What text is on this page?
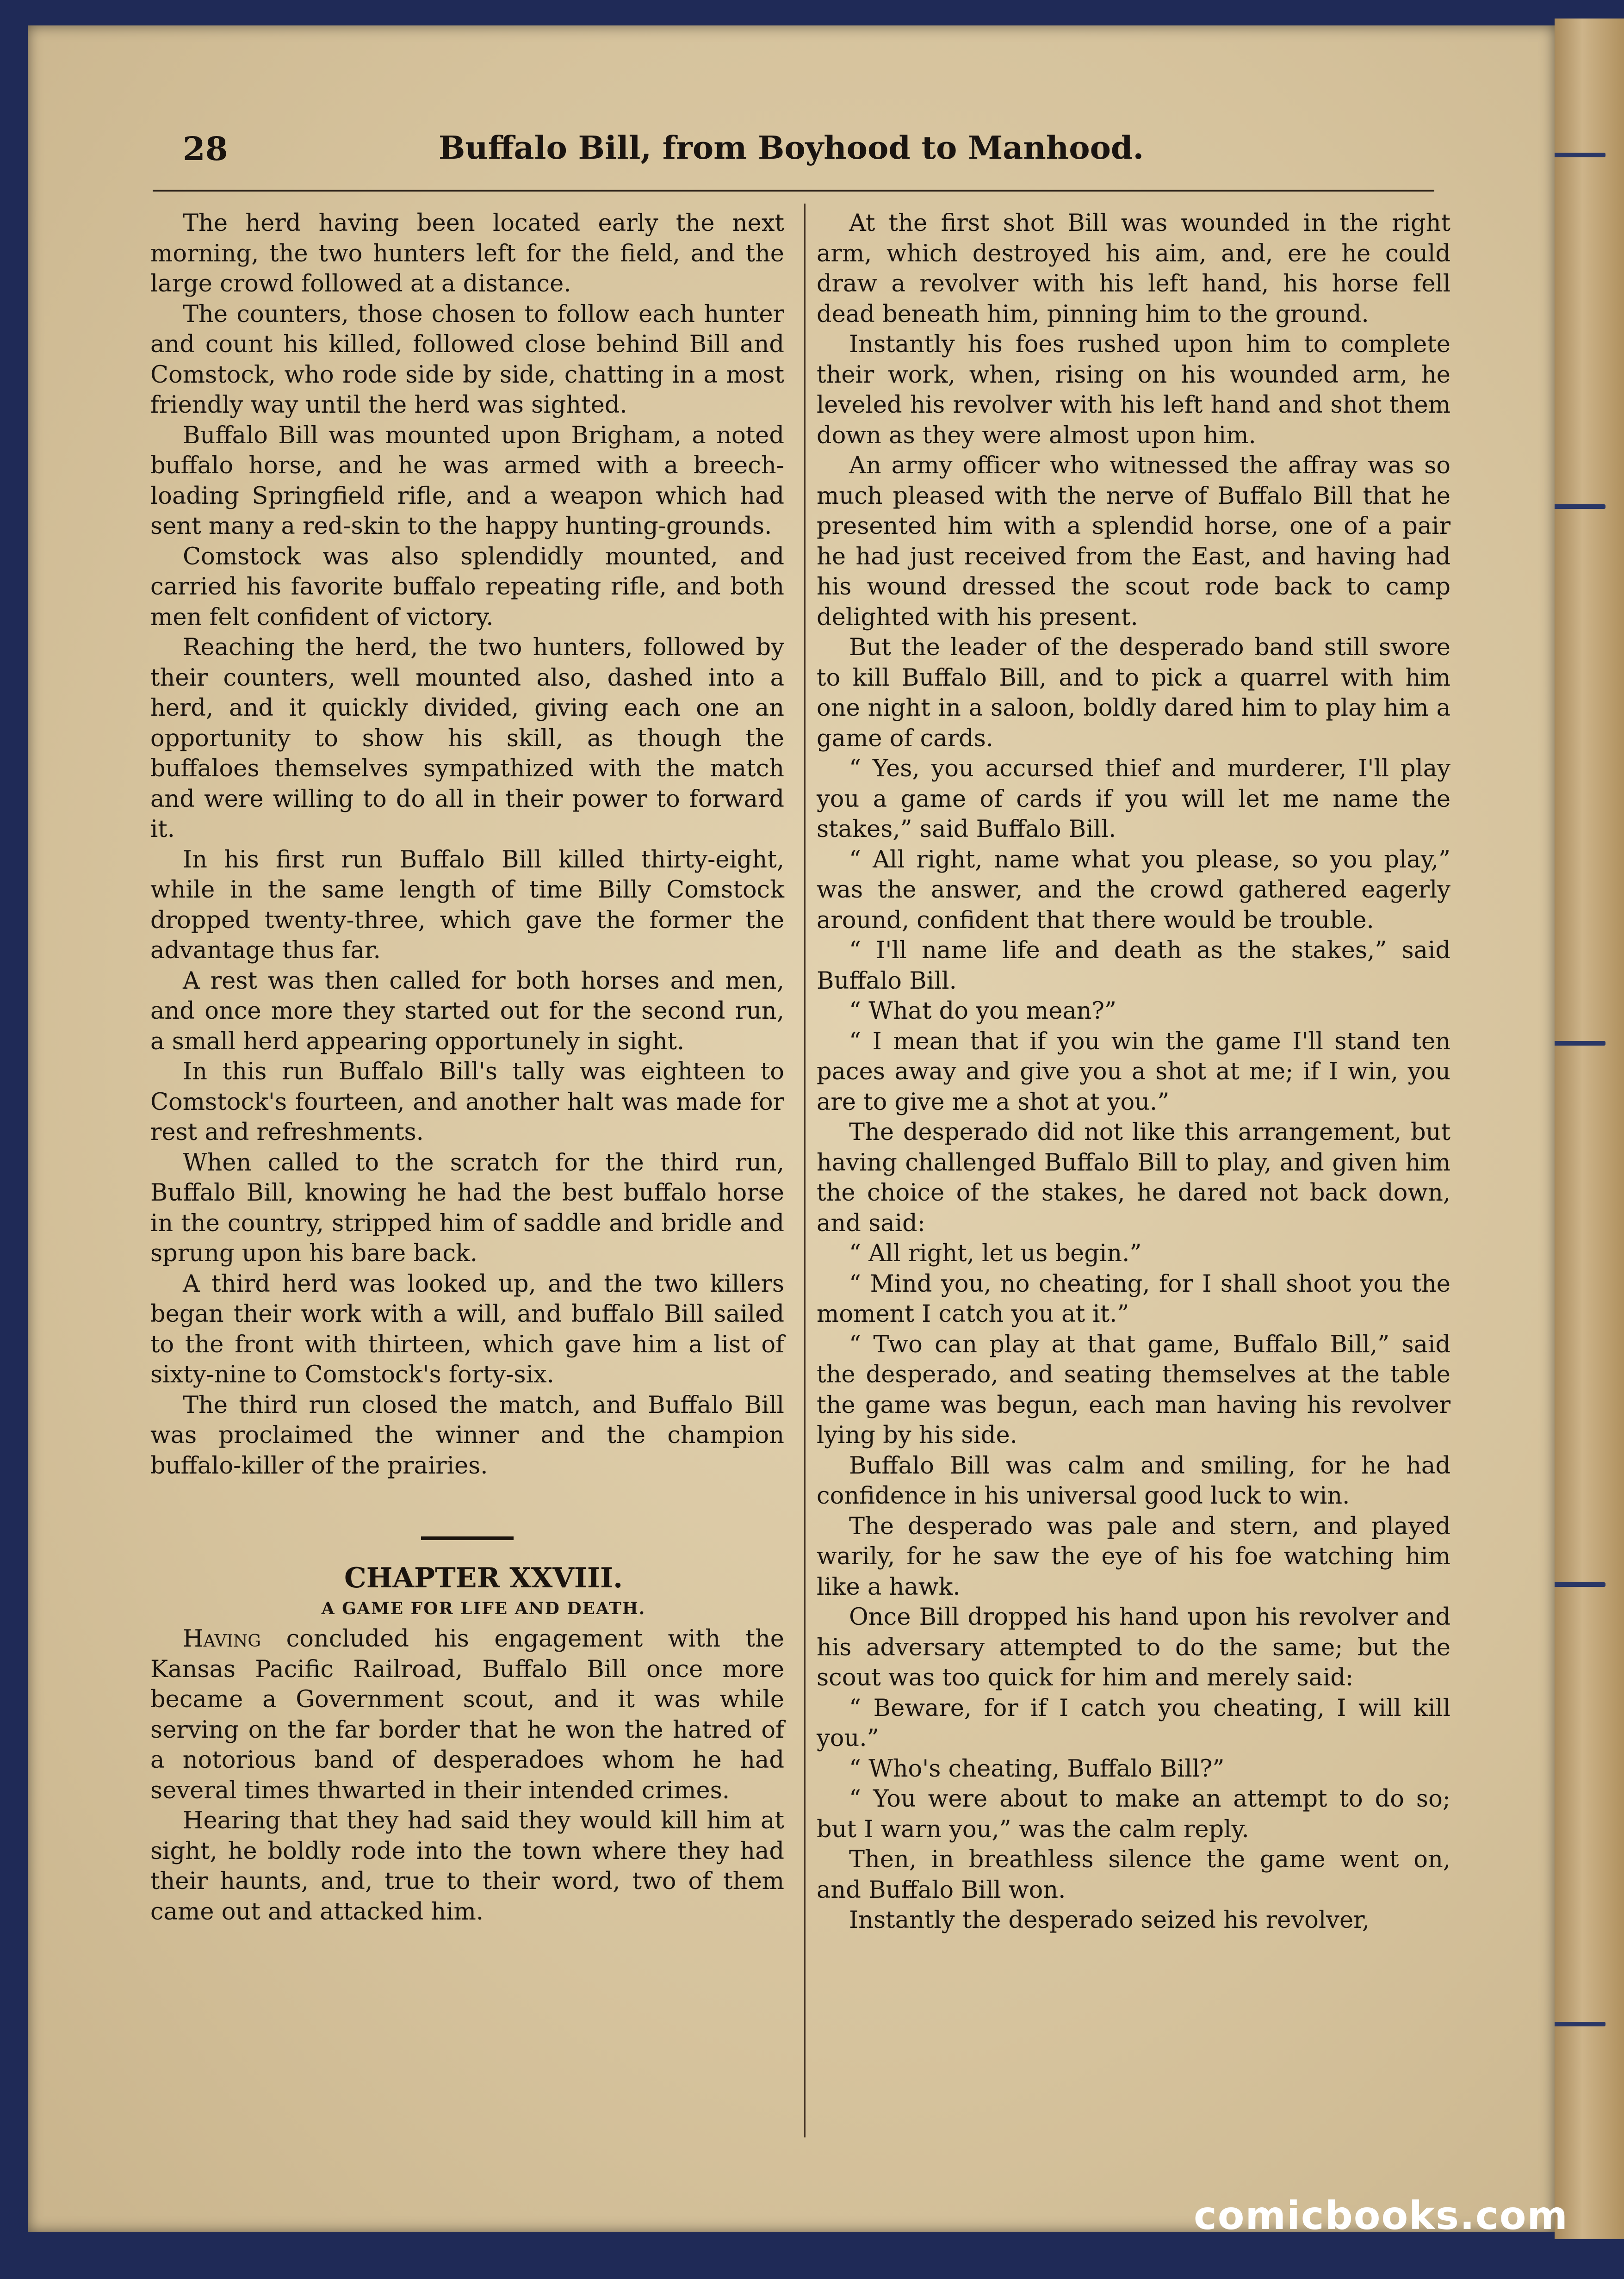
28	Buffalo Bill, from Boyhood to Manhood.

The herd having been located early the next morning, the two hunters left for the field, and the large crowd followed at a distance.

The counters, those chosen to follow each hunter and count his killed, followed close behind Bill and Comstock, who rode side by side, chatting in a most friendly way until the herd was sighted.

Buffalo Bill was mounted upon Brigham, a noted buffalo horse, and he was armed with a breech-loading Springfield rifle, and a weapon which had sent many a red-skin to the happy hunting-grounds.

Comstock was also splendidly mounted, and carried his favorite buffalo repeating rifle, and both men felt confident of victory.

Reaching the herd, the two hunters, followed by their counters, well mounted also, dashed into a herd, and it quickly divided, giving each one an opportunity to show his skill, as though the buffaloes themselves sympathized with the match and were willing to do all in their power to forward it.

In his first run Buffalo Bill killed thirty-eight, while in the same length of time Billy Comstock dropped twenty-three, which gave the former the advantage thus far.

A rest was then called for both horses and men, and once more they started out for the second run, a small herd appearing opportunely in sight.

In this run Buffalo Bill's tally was eighteen to Comstock's fourteen, and another halt was made for rest and refreshments.

When called to the scratch for the third run, Buffalo Bill, knowing he had the best buffalo horse in the country, stripped him of saddle and bridle and sprung upon his bare back.

A third herd was looked up, and the two killers began their work with a will, and buffalo Bill sailed to the front with thirteen, which gave him a list of sixty-nine to Comstock's forty-six.

The third run closed the match, and Buffalo Bill was proclaimed the winner and the champion buffalo-killer of the prairies.

CHAPTER XXVIII.

A GAME FOR LIFE AND DEATH.

Having concluded his engagement with the Kansas Pacific Railroad, Buffalo Bill once more became a Government scout, and it was while serving on the far border that he won the hatred of a notorious band of desperadoes whom he had several times thwarted in their intended crimes.

Hearing that they had said they would kill him at sight, he boldly rode into the town where they had their haunts, and, true to their word, two of them came out and attacked him.

At the first shot Bill was wounded in the right arm, which destroyed his aim, and, ere he could draw a revolver with his left hand, his horse fell dead beneath him, pinning him to the ground.

Instantly his foes rushed upon him to complete their work, when, rising on his wounded arm, he leveled his revolver with his left hand and shot them down as they were almost upon him.

An army officer who witnessed the affray was so much pleased with the nerve of Buffalo Bill that he presented him with a splendid horse, one of a pair he had just received from the East, and having had his wound dressed the scout rode back to camp delighted with his present.

But the leader of the desperado band still swore to kill Buffalo Bill, and to pick a quarrel with him one night in a saloon, boldly dared him to play him a game of cards.

“ Yes, you accursed thief and murderer, I'll play you a game of cards if you will let me name the stakes,” said Buffalo Bill.

“ All right, name what you please, so you play,” was the answer, and the crowd gathered eagerly around, confident that there would be trouble.

“ I'll name life and death as the stakes,” said Buffalo Bill.

“ What do you mean?”

“ I mean that if you win the game I'll stand ten paces away and give you a shot at me; if I win, you are to give me a shot at you.”

The desperado did not like this arrangement, but having challenged Buffalo Bill to play, and given him the choice of the stakes, he dared not back down, and said:

“ All right, let us begin.”

“ Mind you, no cheating, for I shall shoot you the moment I catch you at it.”

“ Two can play at that game, Buffalo Bill,” said the desperado, and seating themselves at the table the game was begun, each man having his revolver lying by his side.

Buffalo Bill was calm and smiling, for he had confidence in his universal good luck to win.

The desperado was pale and stern, and played warily, for he saw the eye of his foe watching him like a hawk.

Once Bill dropped his hand upon his revolver and his adversary attempted to do the same; but the scout was too quick for him and merely said:

“ Beware, for if I catch you cheating, I will kill you.”

“ Who's cheating, Buffalo Bill?”

“ You were about to make an attempt to do so; but I warn you,” was the calm reply.

Then, in breathless silence the game went on, and Buffalo Bill won.

Instantly the desperado seized his revolver,

comicbooks.com
